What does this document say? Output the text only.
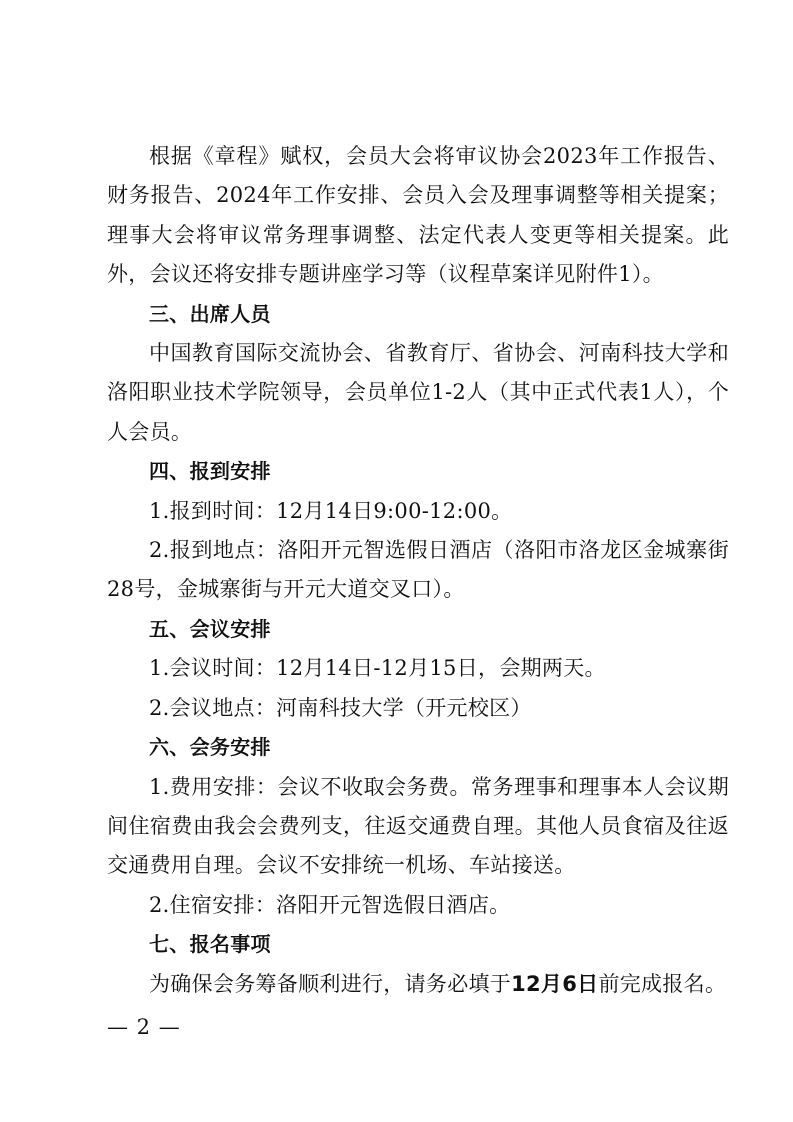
根据《章程》赋权，会员大会将审议协会2023年工作报告、财务报告、2024年工作安排、会员入会及理事调整等相关提案；理事大会将审议常务理事调整、法定代表人变更等相关提案。此外，会议还将安排专题讲座学习等（议程草案详见附件1）。

三、出席人员

中国教育国际交流协会、省教育厅、省协会、河南科技大学和洛阳职业技术学院领导，会员单位1-2人（其中正式代表1人），个人会员。

四、报到安排

1.报到时间：12月14日9:00-12:00。

2.报到地点：洛阳开元智选假日酒店（洛阳市洛龙区金城寨街28号，金城寨街与开元大道交叉口）。

五、会议安排

1.会议时间：12月14日-12月15日，会期两天。

2.会议地点：河南科技大学（开元校区）

六、会务安排

1.费用安排：会议不收取会务费。常务理事和理事本人会议期间住宿费由我会会费列支，往返交通费自理。其他人员食宿及往返交通费用自理。会议不安排统一机场、车站接送。

2.住宿安排：洛阳开元智选假日酒店。

七、报名事项

为确保会务筹备顺利进行，请务必填于12月6日前完成报名。

— 2 —
